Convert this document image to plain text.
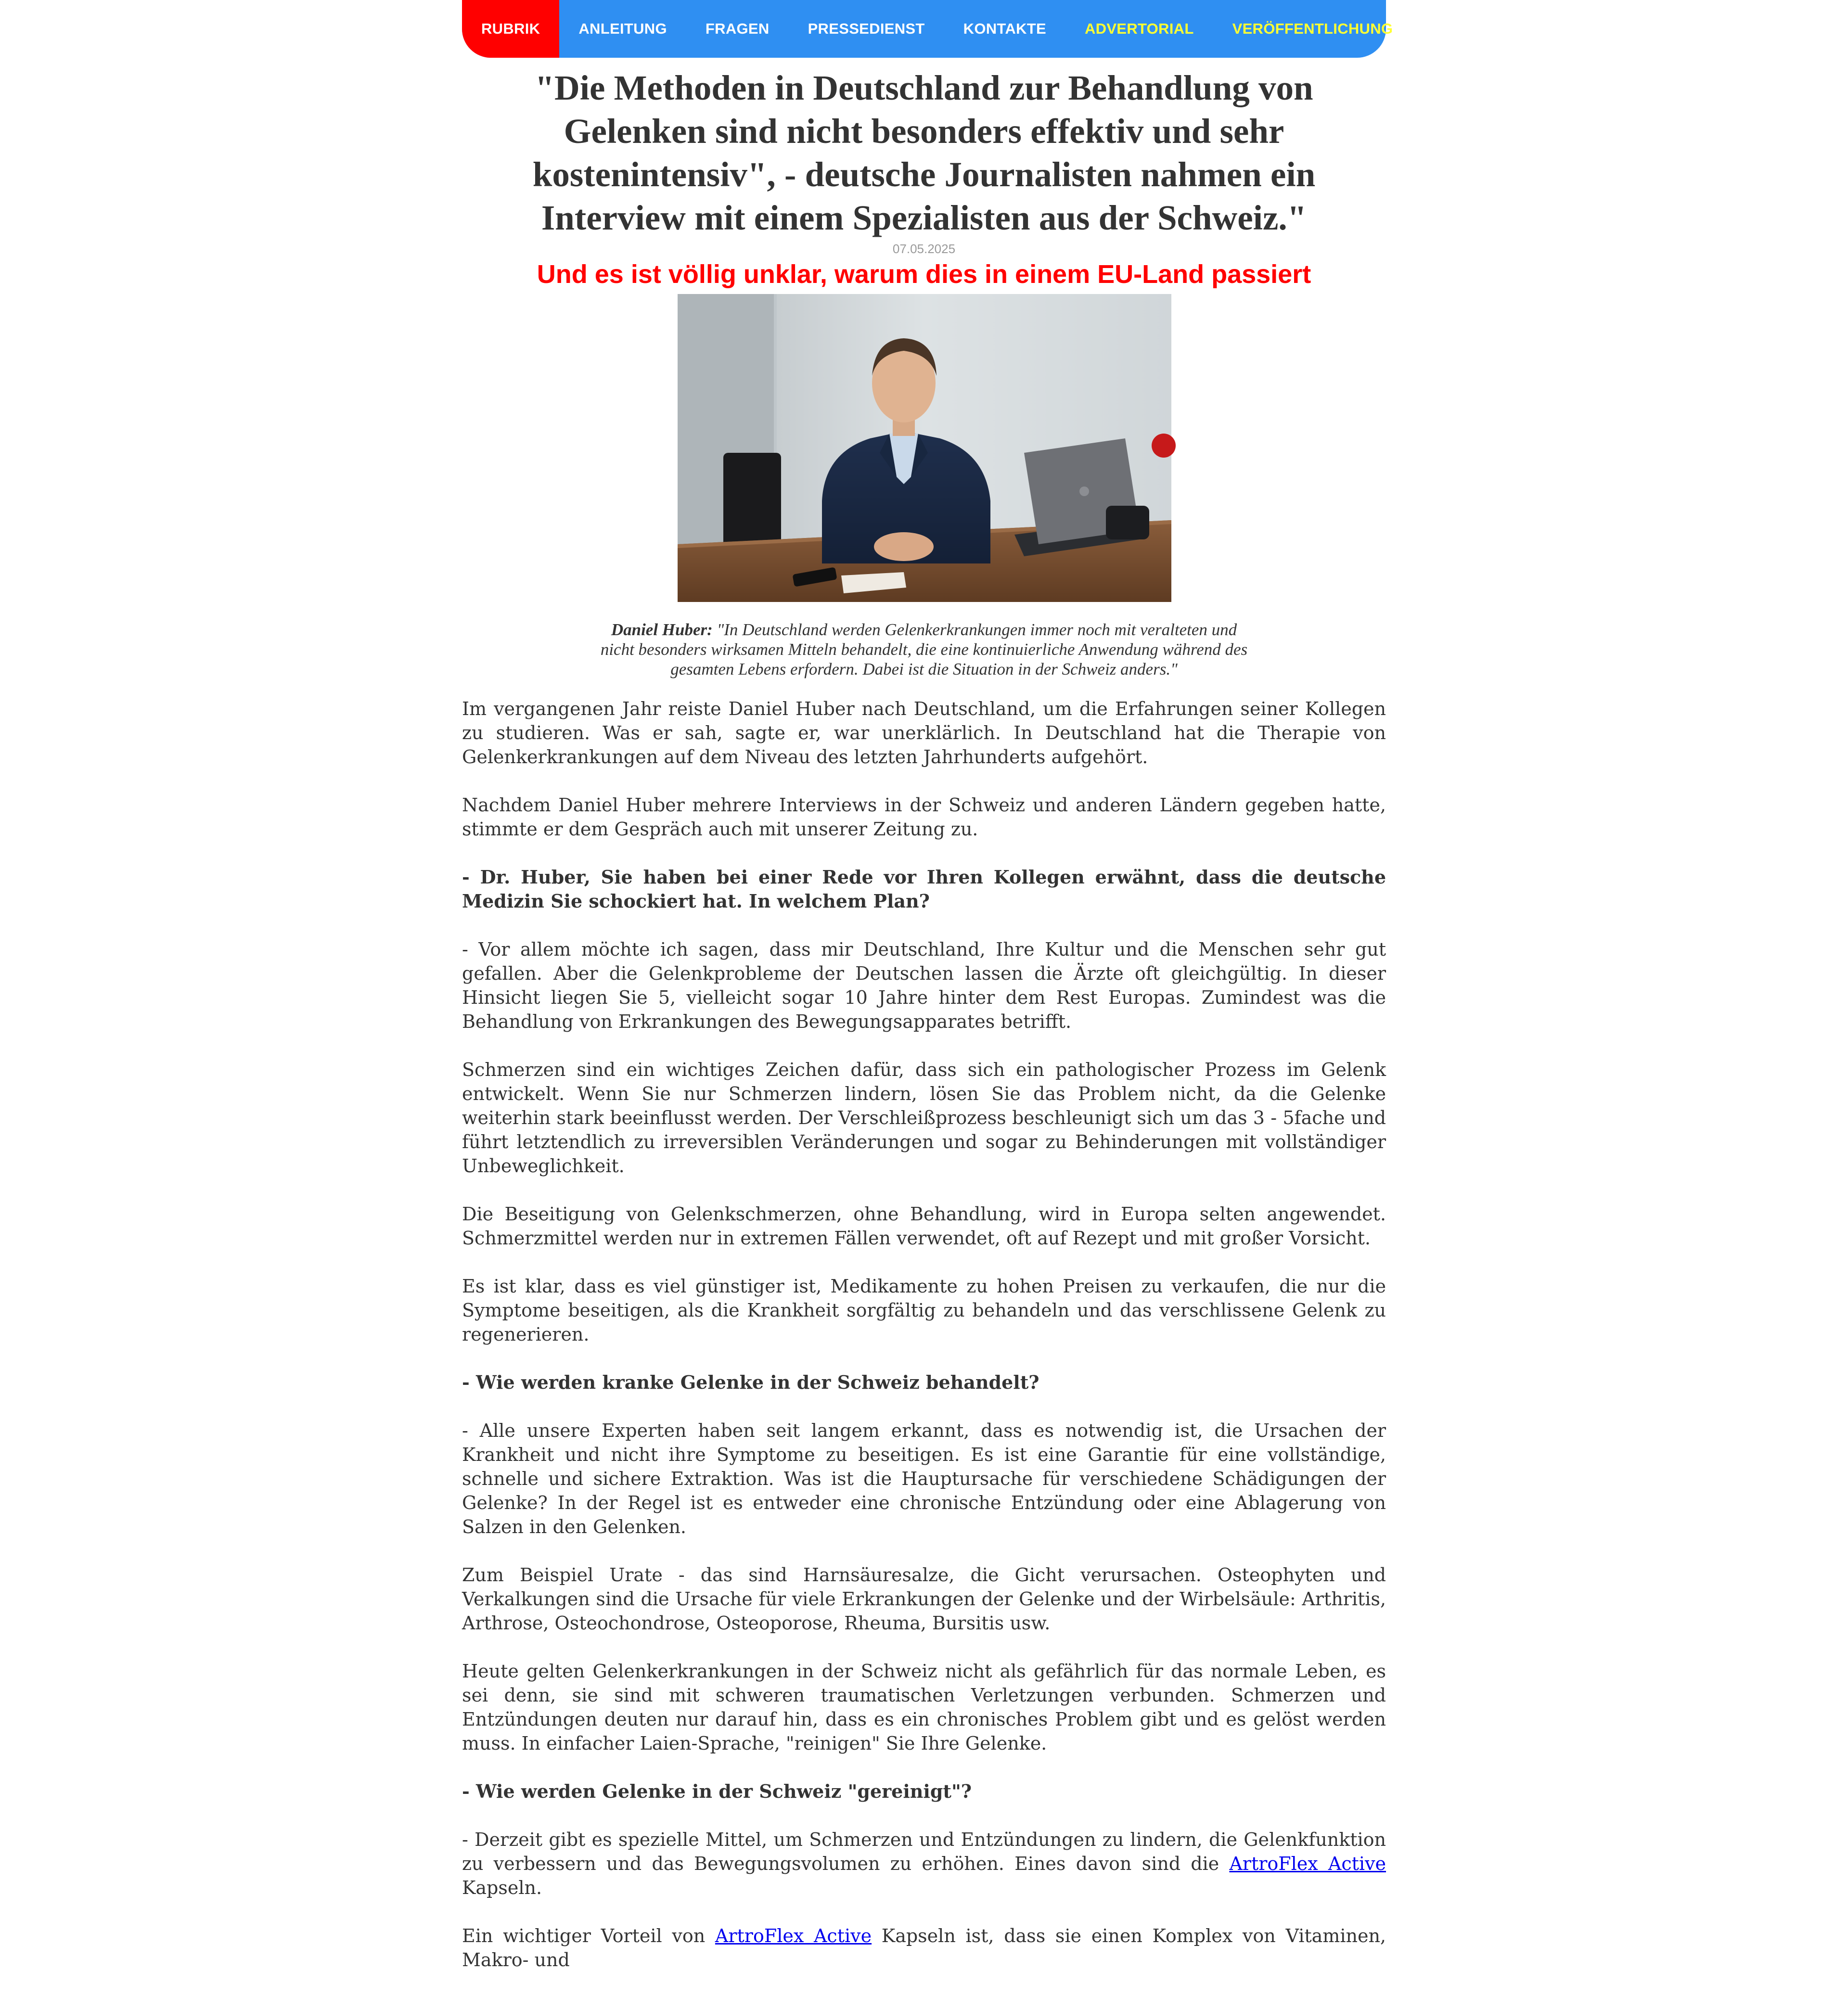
RUBRIK	ANLEITUNG	FRAGEN	PRESSEDIENST	KONTAKTE	ADVERTORIAL	VERÖFFENTLICHUNG
"Die Methoden in Deutschland zur Behandlung von Gelenken sind nicht besonders effektiv und sehr kostenintensiv", - deutsche Journalisten nahmen ein Interview mit einem Spezialisten aus der Schweiz."
07.05.2025
Und es ist völlig unklar, warum dies in einem EU-Land passiert
Daniel Huber: "In Deutschland werden Gelenkerkrankungen immer noch mit veralteten und nicht besonders wirksamen Mitteln behandelt, die eine kontinuierliche Anwendung während des gesamten Lebens erfordern. Dabei ist die Situation in der Schweiz anders."

Im vergangenen Jahr reiste Daniel Huber nach Deutschland, um die Erfahrungen seiner Kollegen zu studieren. Was er sah, sagte er, war unerklärlich. In Deutschland hat die Therapie von Gelenkerkrankungen auf dem Niveau des letzten Jahrhunderts aufgehört.

Nachdem Daniel Huber mehrere Interviews in der Schweiz und anderen Ländern gegeben hatte, stimmte er dem Gespräch auch mit unserer Zeitung zu.

- Dr. Huber, Sie haben bei einer Rede vor Ihren Kollegen erwähnt, dass die deutsche Medizin Sie schockiert hat. In welchem Plan?

- Vor allem möchte ich sagen, dass mir Deutschland, Ihre Kultur und die Menschen sehr gut gefallen. Aber die Gelenkprobleme der Deutschen lassen die Ärzte oft gleichgültig. In dieser Hinsicht liegen Sie 5, vielleicht sogar 10 Jahre hinter dem Rest Europas. Zumindest was die Behandlung von Erkrankungen des Bewegungsapparates betrifft.

Schmerzen sind ein wichtiges Zeichen dafür, dass sich ein pathologischer Prozess im Gelenk entwickelt. Wenn Sie nur Schmerzen lindern, lösen Sie das Problem nicht, da die Gelenke weiterhin stark beeinflusst werden. Der Verschleißprozess beschleunigt sich um das 3 - 5fache und führt letztendlich zu irreversiblen Veränderungen und sogar zu Behinderungen mit vollständiger Unbeweglichkeit.

Die Beseitigung von Gelenkschmerzen, ohne Behandlung, wird in Europa selten angewendet. Schmerzmittel werden nur in extremen Fällen verwendet, oft auf Rezept und mit großer Vorsicht.

Es ist klar, dass es viel günstiger ist, Medikamente zu hohen Preisen zu verkaufen, die nur die Symptome beseitigen, als die Krankheit sorgfältig zu behandeln und das verschlissene Gelenk zu regenerieren.

- Wie werden kranke Gelenke in der Schweiz behandelt?

- Alle unsere Experten haben seit langem erkannt, dass es notwendig ist, die Ursachen der Krankheit und nicht ihre Symptome zu beseitigen. Es ist eine Garantie für eine vollständige, schnelle und sichere Extraktion. Was ist die Hauptursache für verschiedene Schädigungen der Gelenke? In der Regel ist es entweder eine chronische Entzündung oder eine Ablagerung von Salzen in den Gelenken.

Zum Beispiel Urate - das sind Harnsäuresalze, die Gicht verursachen. Osteophyten und Verkalkungen sind die Ursache für viele Erkrankungen der Gelenke und der Wirbelsäule: Arthritis, Arthrose, Osteochondrose, Osteoporose, Rheuma, Bursitis usw.

Heute gelten Gelenkerkrankungen in der Schweiz nicht als gefährlich für das normale Leben, es sei denn, sie sind mit schweren traumatischen Verletzungen verbunden. Schmerzen und Entzündungen deuten nur darauf hin, dass es ein chronisches Problem gibt und es gelöst werden muss. In einfacher Laien-Sprache, "reinigen" Sie Ihre Gelenke.

- Wie werden Gelenke in der Schweiz "gereinigt"?

- Derzeit gibt es spezielle Mittel, um Schmerzen und Entzündungen zu lindern, die Gelenkfunktion zu verbessern und das Bewegungsvolumen zu erhöhen. Eines davon sind die ArtroFlex Active Kapseln.

Ein wichtiger Vorteil von ArtroFlex Active Kapseln ist, dass sie einen Komplex von Vitaminen, Makro- und
